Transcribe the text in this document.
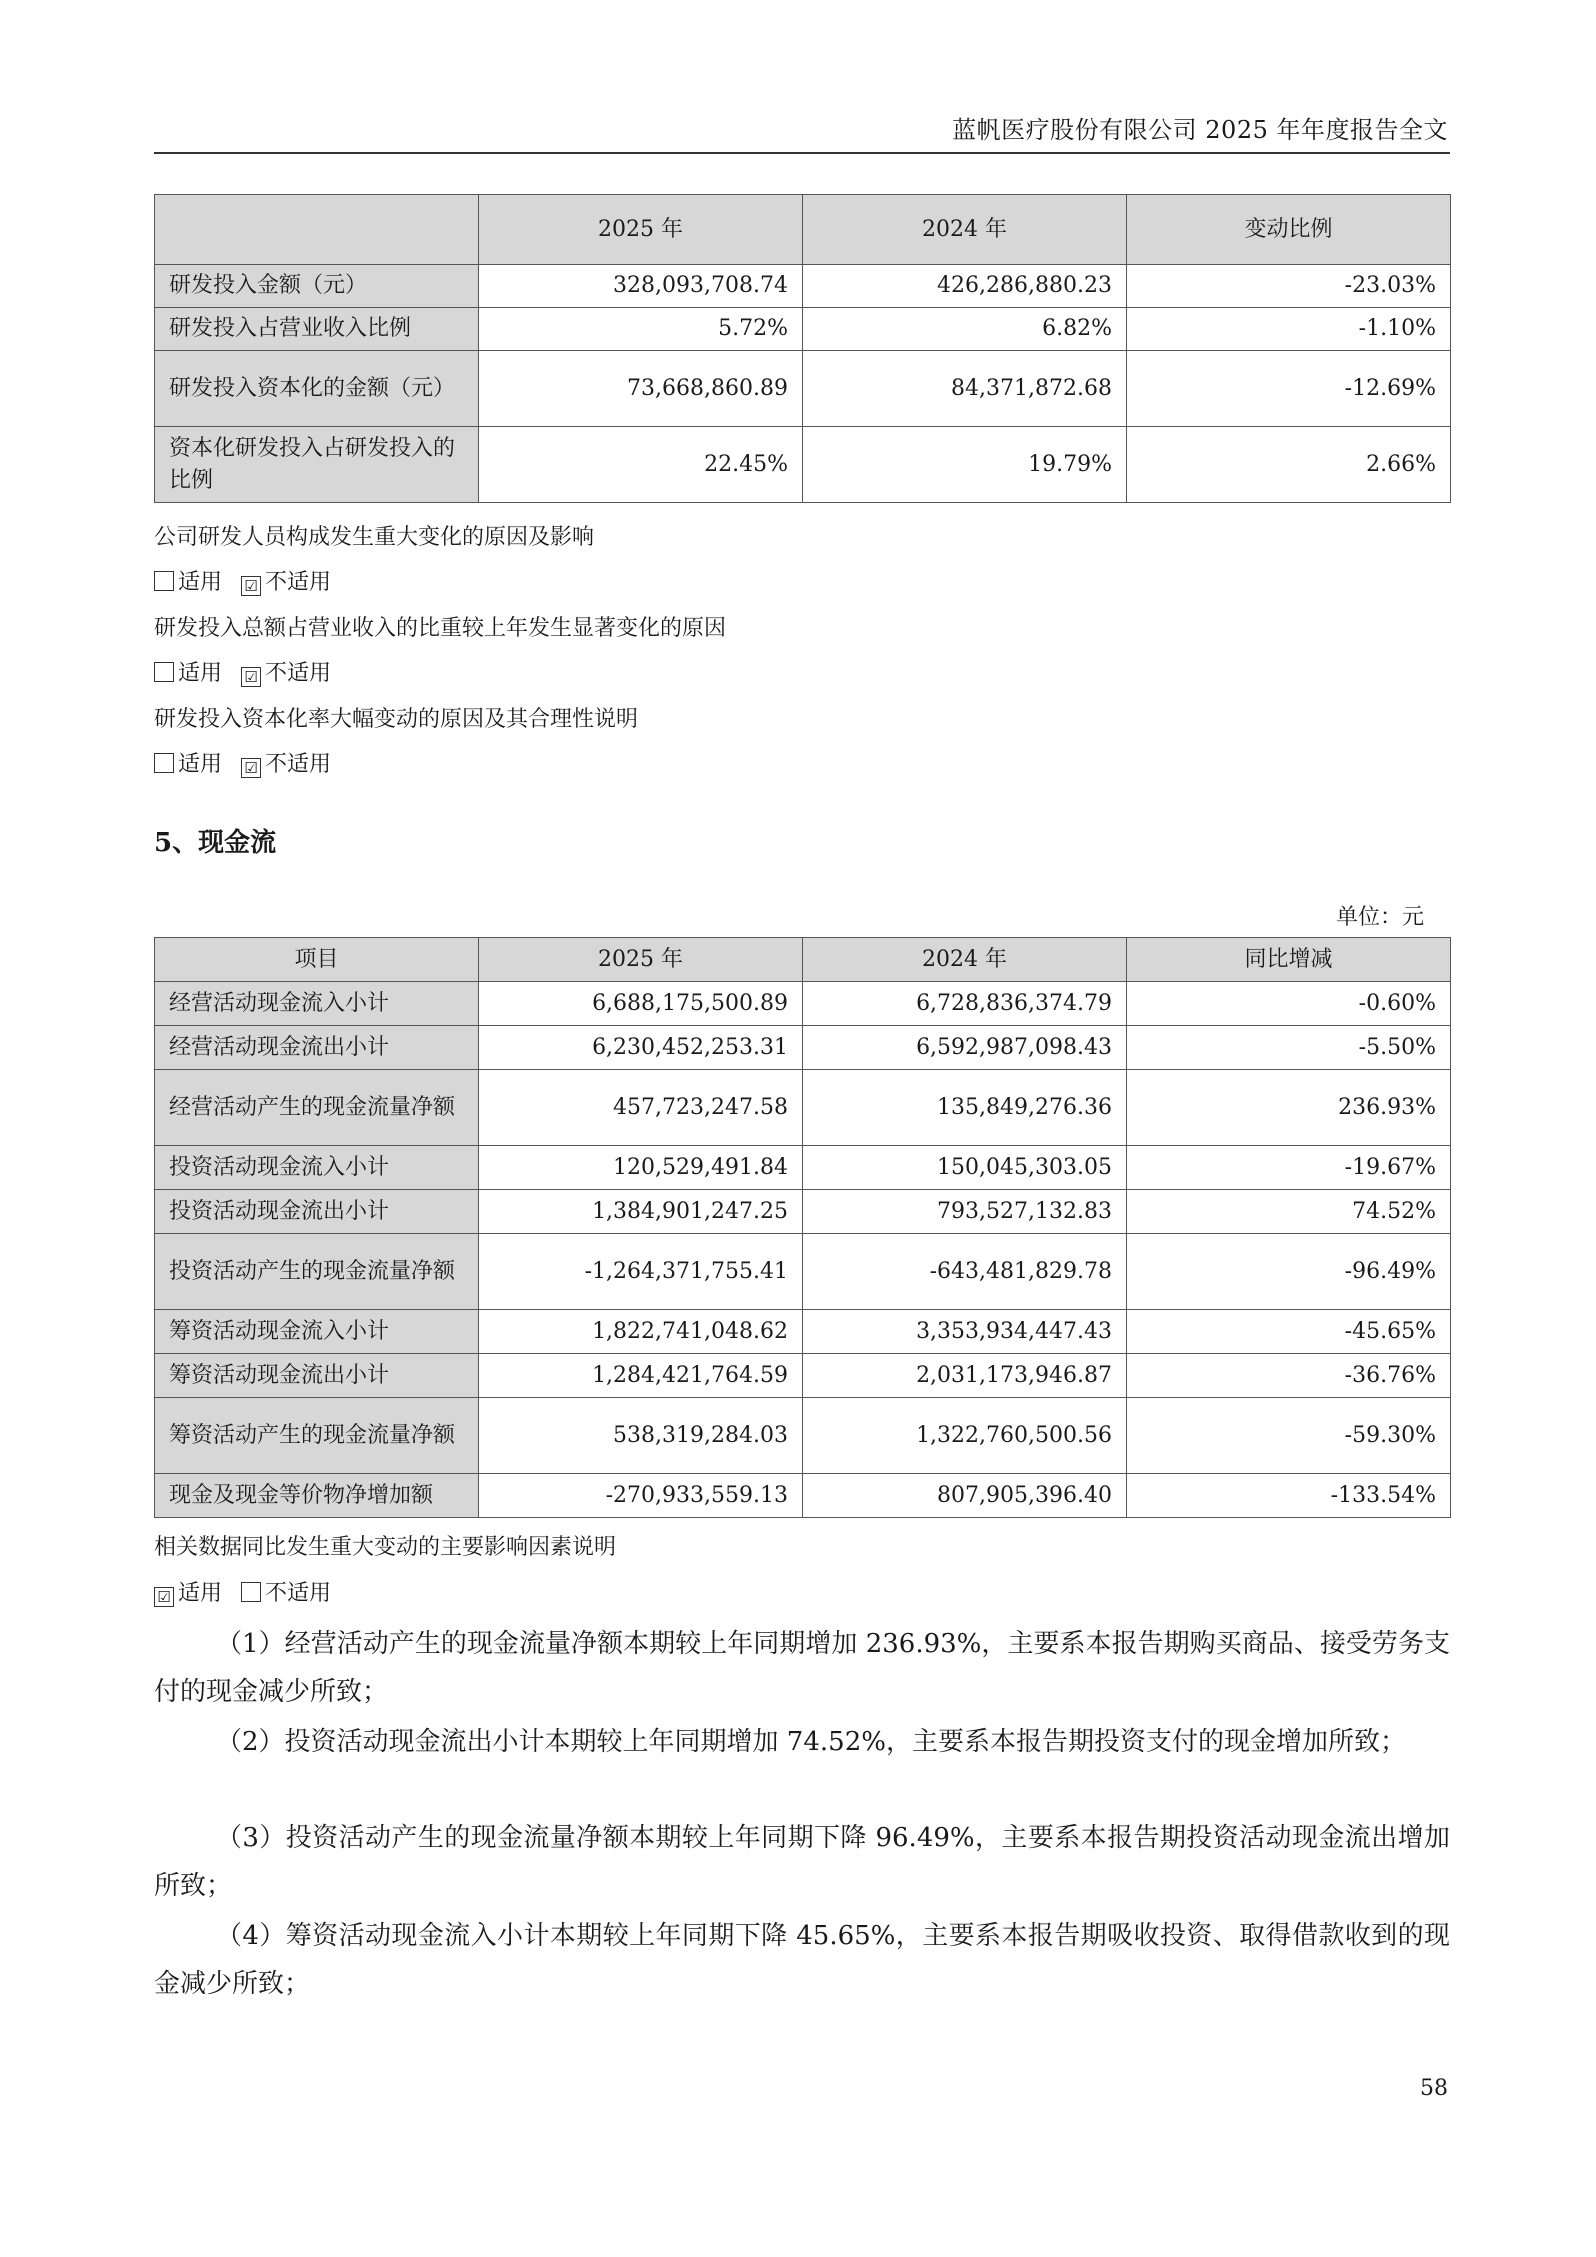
蓝帆医疗股份有限公司 2025 年年度报告全文
	2025 年	2024 年	变动比例
研发投入金额（元）	328,093,708.74	426,286,880.23	-23.03%
研发投入占营业收入比例	5.72%	6.82%	-1.10%
研发投入资本化的金额（元）	73,668,860.89	84,371,872.68	-12.69%
资本化研发投入占研发投入的比例	22.45%	19.79%	2.66%
公司研发人员构成发生重大变化的原因及影响
适用 ☑ 不适用
研发投入总额占营业收入的比重较上年发生显著变化的原因
适用 ☑ 不适用
研发投入资本化率大幅变动的原因及其合理性说明
适用 ☑ 不适用
5、现金流
单位：元
项目	2025 年	2024 年	同比增减
经营活动现金流入小计	6,688,175,500.89	6,728,836,374.79	-0.60%
经营活动现金流出小计	6,230,452,253.31	6,592,987,098.43	-5.50%
经营活动产生的现金流量净额	457,723,247.58	135,849,276.36	236.93%
投资活动现金流入小计	120,529,491.84	150,045,303.05	-19.67%
投资活动现金流出小计	1,384,901,247.25	793,527,132.83	74.52%
投资活动产生的现金流量净额	-1,264,371,755.41	-643,481,829.78	-96.49%
筹资活动现金流入小计	1,822,741,048.62	3,353,934,447.43	-45.65%
筹资活动现金流出小计	1,284,421,764.59	2,031,173,946.87	-36.76%
筹资活动产生的现金流量净额	538,319,284.03	1,322,760,500.56	-59.30%
现金及现金等价物净增加额	-270,933,559.13	807,905,396.40	-133.54%
相关数据同比发生重大变动的主要影响因素说明
☑ 适用 不适用
（1）经营活动产生的现金流量净额本期较上年同期增加 236.93%，主要系本报告期购买商品、接受劳务支付的现金减少所致；
（2）投资活动现金流出小计本期较上年同期增加 74.52%，主要系本报告期投资支付的现金增加所致；
（3）投资活动产生的现金流量净额本期较上年同期下降 96.49%，主要系本报告期投资活动现金流出增加所致；
（4）筹资活动现金流入小计本期较上年同期下降 45.65%，主要系本报告期吸收投资、取得借款收到的现金减少所致；
58
